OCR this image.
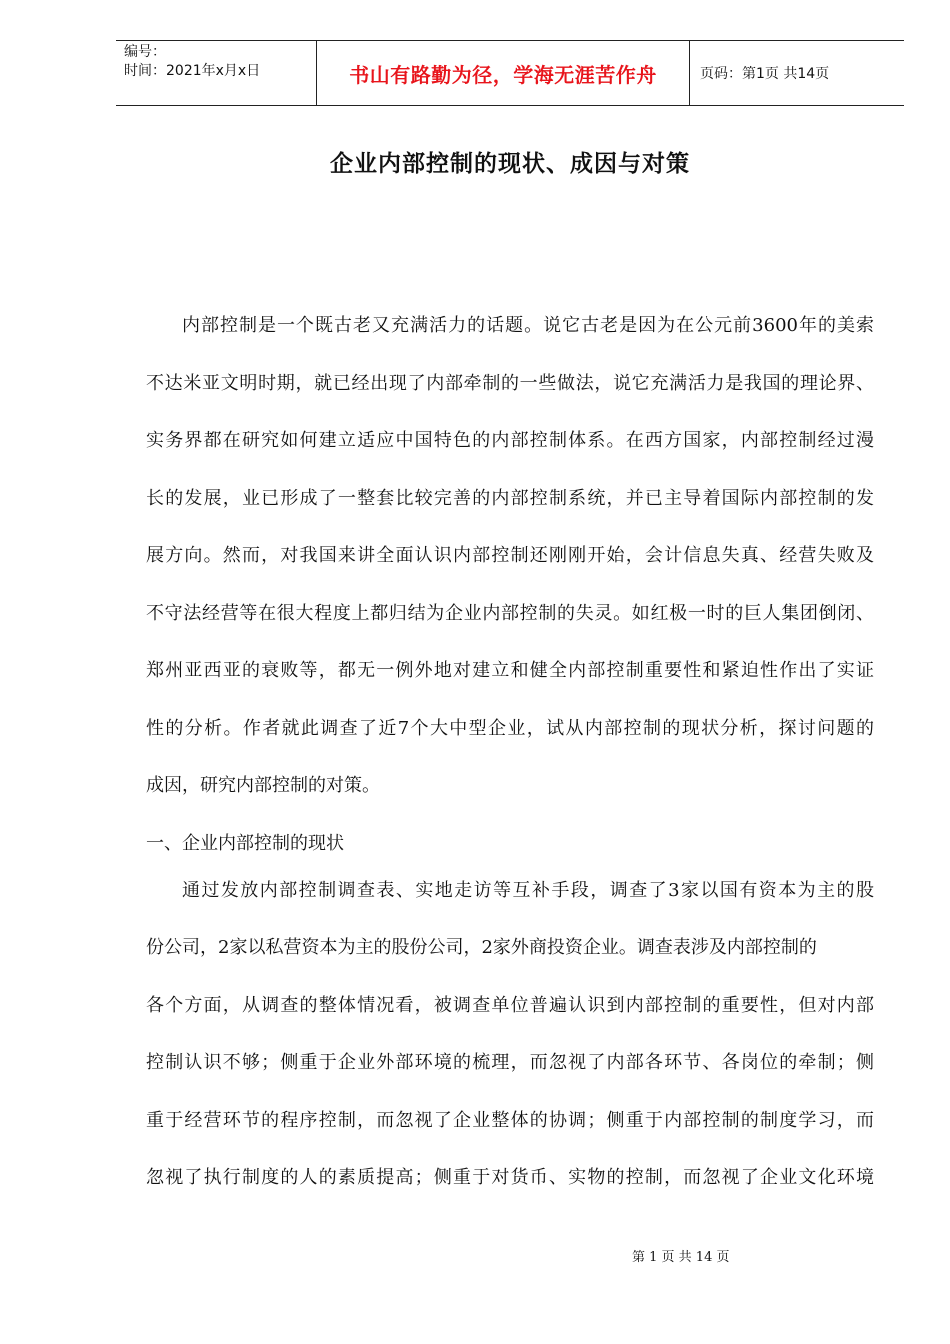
编号：
时间：2021年x月x日	书山有路勤为径，学海无涯苦作舟	页码：第1页 共14页
企业内部控制的现状、成因与对策
内部控制是一个既古老又充满活力的话题。说它古老是因为在公元前3600年的美索
不达米亚文明时期，就已经出现了内部牵制的一些做法，说它充满活力是我国的理论界、
实务界都在研究如何建立适应中国特色的内部控制体系。在西方国家，内部控制经过漫
长的发展，业已形成了一整套比较完善的内部控制系统，并已主导着国际内部控制的发
展方向。然而，对我国来讲全面认识内部控制还刚刚开始，会计信息失真、经营失败及
不守法经营等在很大程度上都归结为企业内部控制的失灵。如红极一时的巨人集团倒闭、
郑州亚西亚的衰败等，都无一例外地对建立和健全内部控制重要性和紧迫性作出了实证
性的分析。作者就此调查了近7个大中型企业，试从内部控制的现状分析，探讨问题的
成因，研究内部控制的对策。
一、企业内部控制的现状
通过发放内部控制调查表、实地走访等互补手段，调查了3家以国有资本为主的股
份公司，2家以私营资本为主的股份公司，2家外商投资企业。调查表涉及内部控制的
各个方面，从调查的整体情况看，被调查单位普遍认识到内部控制的重要性，但对内部
控制认识不够；侧重于企业外部环境的梳理，而忽视了内部各环节、各岗位的牵制；侧
重于经营环节的程序控制，而忽视了企业整体的协调；侧重于内部控制的制度学习，而
忽视了执行制度的人的素质提高；侧重于对货币、实物的控制，而忽视了企业文化环境
第 1 页 共 14 页
